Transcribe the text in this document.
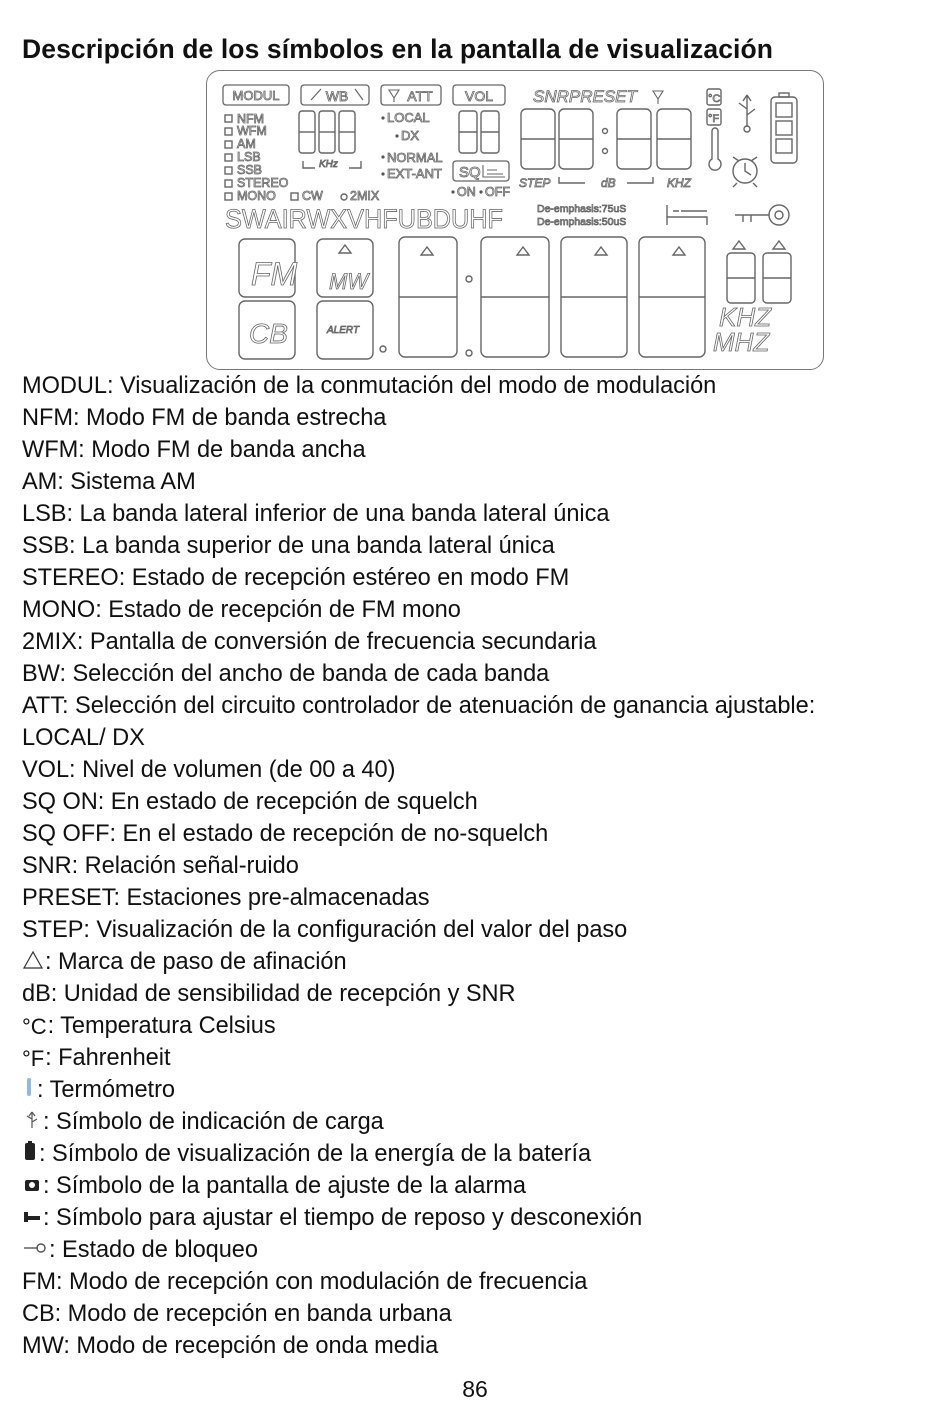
Descripción de los símbolos en la pantalla de visualización
MODUL	WB	ATT VOL SNRPRESET
NFM
WFM
AM
LSB
SSB
STEREO
MONO CW 2MIX
KHz
LOCAL
DX
NORMAL
EXT-ANT SQ
ON OFF
STEP	dB	KHZ
°C
°F
SWAIRWXVHFUBDUHF	De-emphasis:75uS
De-emphasis:50uS
FM MW
CB	ALERT	KHZ
MHZ
MODUL: Visualización de la conmutación del modo de modulación
NFM: Modo FM de banda estrecha
WFM: Modo FM de banda ancha
AM: Sistema AM
LSB: La banda lateral inferior de una banda lateral única
SSB: La banda superior de una banda lateral única
STEREO: Estado de recepción estéreo en modo FM
MONO: Estado de recepción de FM mono
2MIX: Pantalla de conversión de frecuencia secundaria
BW: Selección del ancho de banda de cada banda
ATT: Selección del circuito controlador de atenuación de ganancia ajustable:
LOCAL/ DX
VOL: Nivel de volumen (de 00 a 40)
SQ ON: En estado de recepción de squelch
SQ OFF: En el estado de recepción de no-squelch
SNR: Relación señal-ruido
PRESET: Estaciones pre-almacenadas
STEP: Visualización de la configuración del valor del paso
: Marca de paso de afinación
dB: Unidad de sensibilidad de recepción y SNR
°C: Temperatura Celsius
°F: Fahrenheit
: Termómetro
: Símbolo de indicación de carga
: Símbolo de visualización de la energía de la batería
: Símbolo de la pantalla de ajuste de la alarma
: Símbolo para ajustar el tiempo de reposo y desconexión
: Estado de bloqueo
FM: Modo de recepción con modulación de frecuencia
CB: Modo de recepción en banda urbana
MW: Modo de recepción de onda media
86
